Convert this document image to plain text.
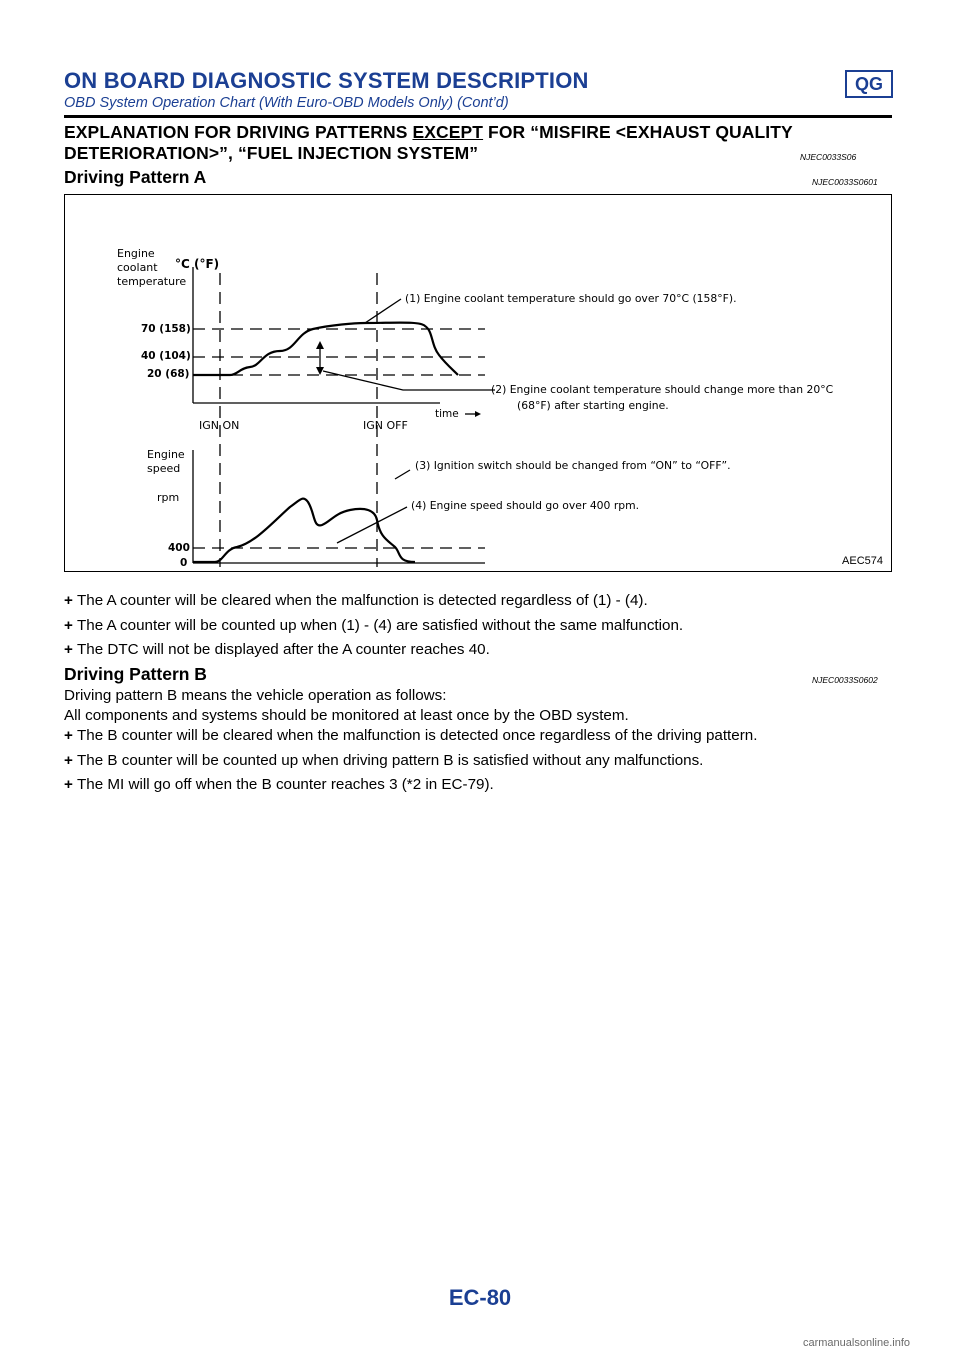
ON BOARD DIAGNOSTIC SYSTEM DESCRIPTION	QG
OBD System Operation Chart (With Euro-OBD Models Only) (Cont’d)
EXPLANATION FOR DRIVING PATTERNS EXCEPT FOR “MISFIRE <EXHAUST QUALITY
DETERIORATION>”, “FUEL INJECTION SYSTEM”	NJEC0033S06
Driving Pattern A	NJEC0033S0601
Engine
coolant
temperature
°C (°F)
70 (158)
40 (104)
20 (68)
time
IGN ON	IGN OFF
Engine
speed
rpm
400
0
(1) Engine coolant temperature should go over 70°C (158°F).
(2) Engine coolant temperature should change more than 20°C
(68°F) after starting engine.
(3) Ignition switch should be changed from “ON” to “OFF”.
(4) Engine speed should go over 400 rpm.
AEC574
+ The A counter will be cleared when the malfunction is detected regardless of (1) - (4).
+ The A counter will be counted up when (1) - (4) are satisfied without the same malfunction.
+ The DTC will not be displayed after the A counter reaches 40.
Driving Pattern B	NJEC0033S0602
Driving pattern B means the vehicle operation as follows:
All components and systems should be monitored at least once by the OBD system.
+ The B counter will be cleared when the malfunction is detected once regardless of the driving pattern.
+ The B counter will be counted up when driving pattern B is satisfied without any malfunctions.
+ The MI will go off when the B counter reaches 3 (*2 in EC-79).
EC-80
carmanualsonline.info
